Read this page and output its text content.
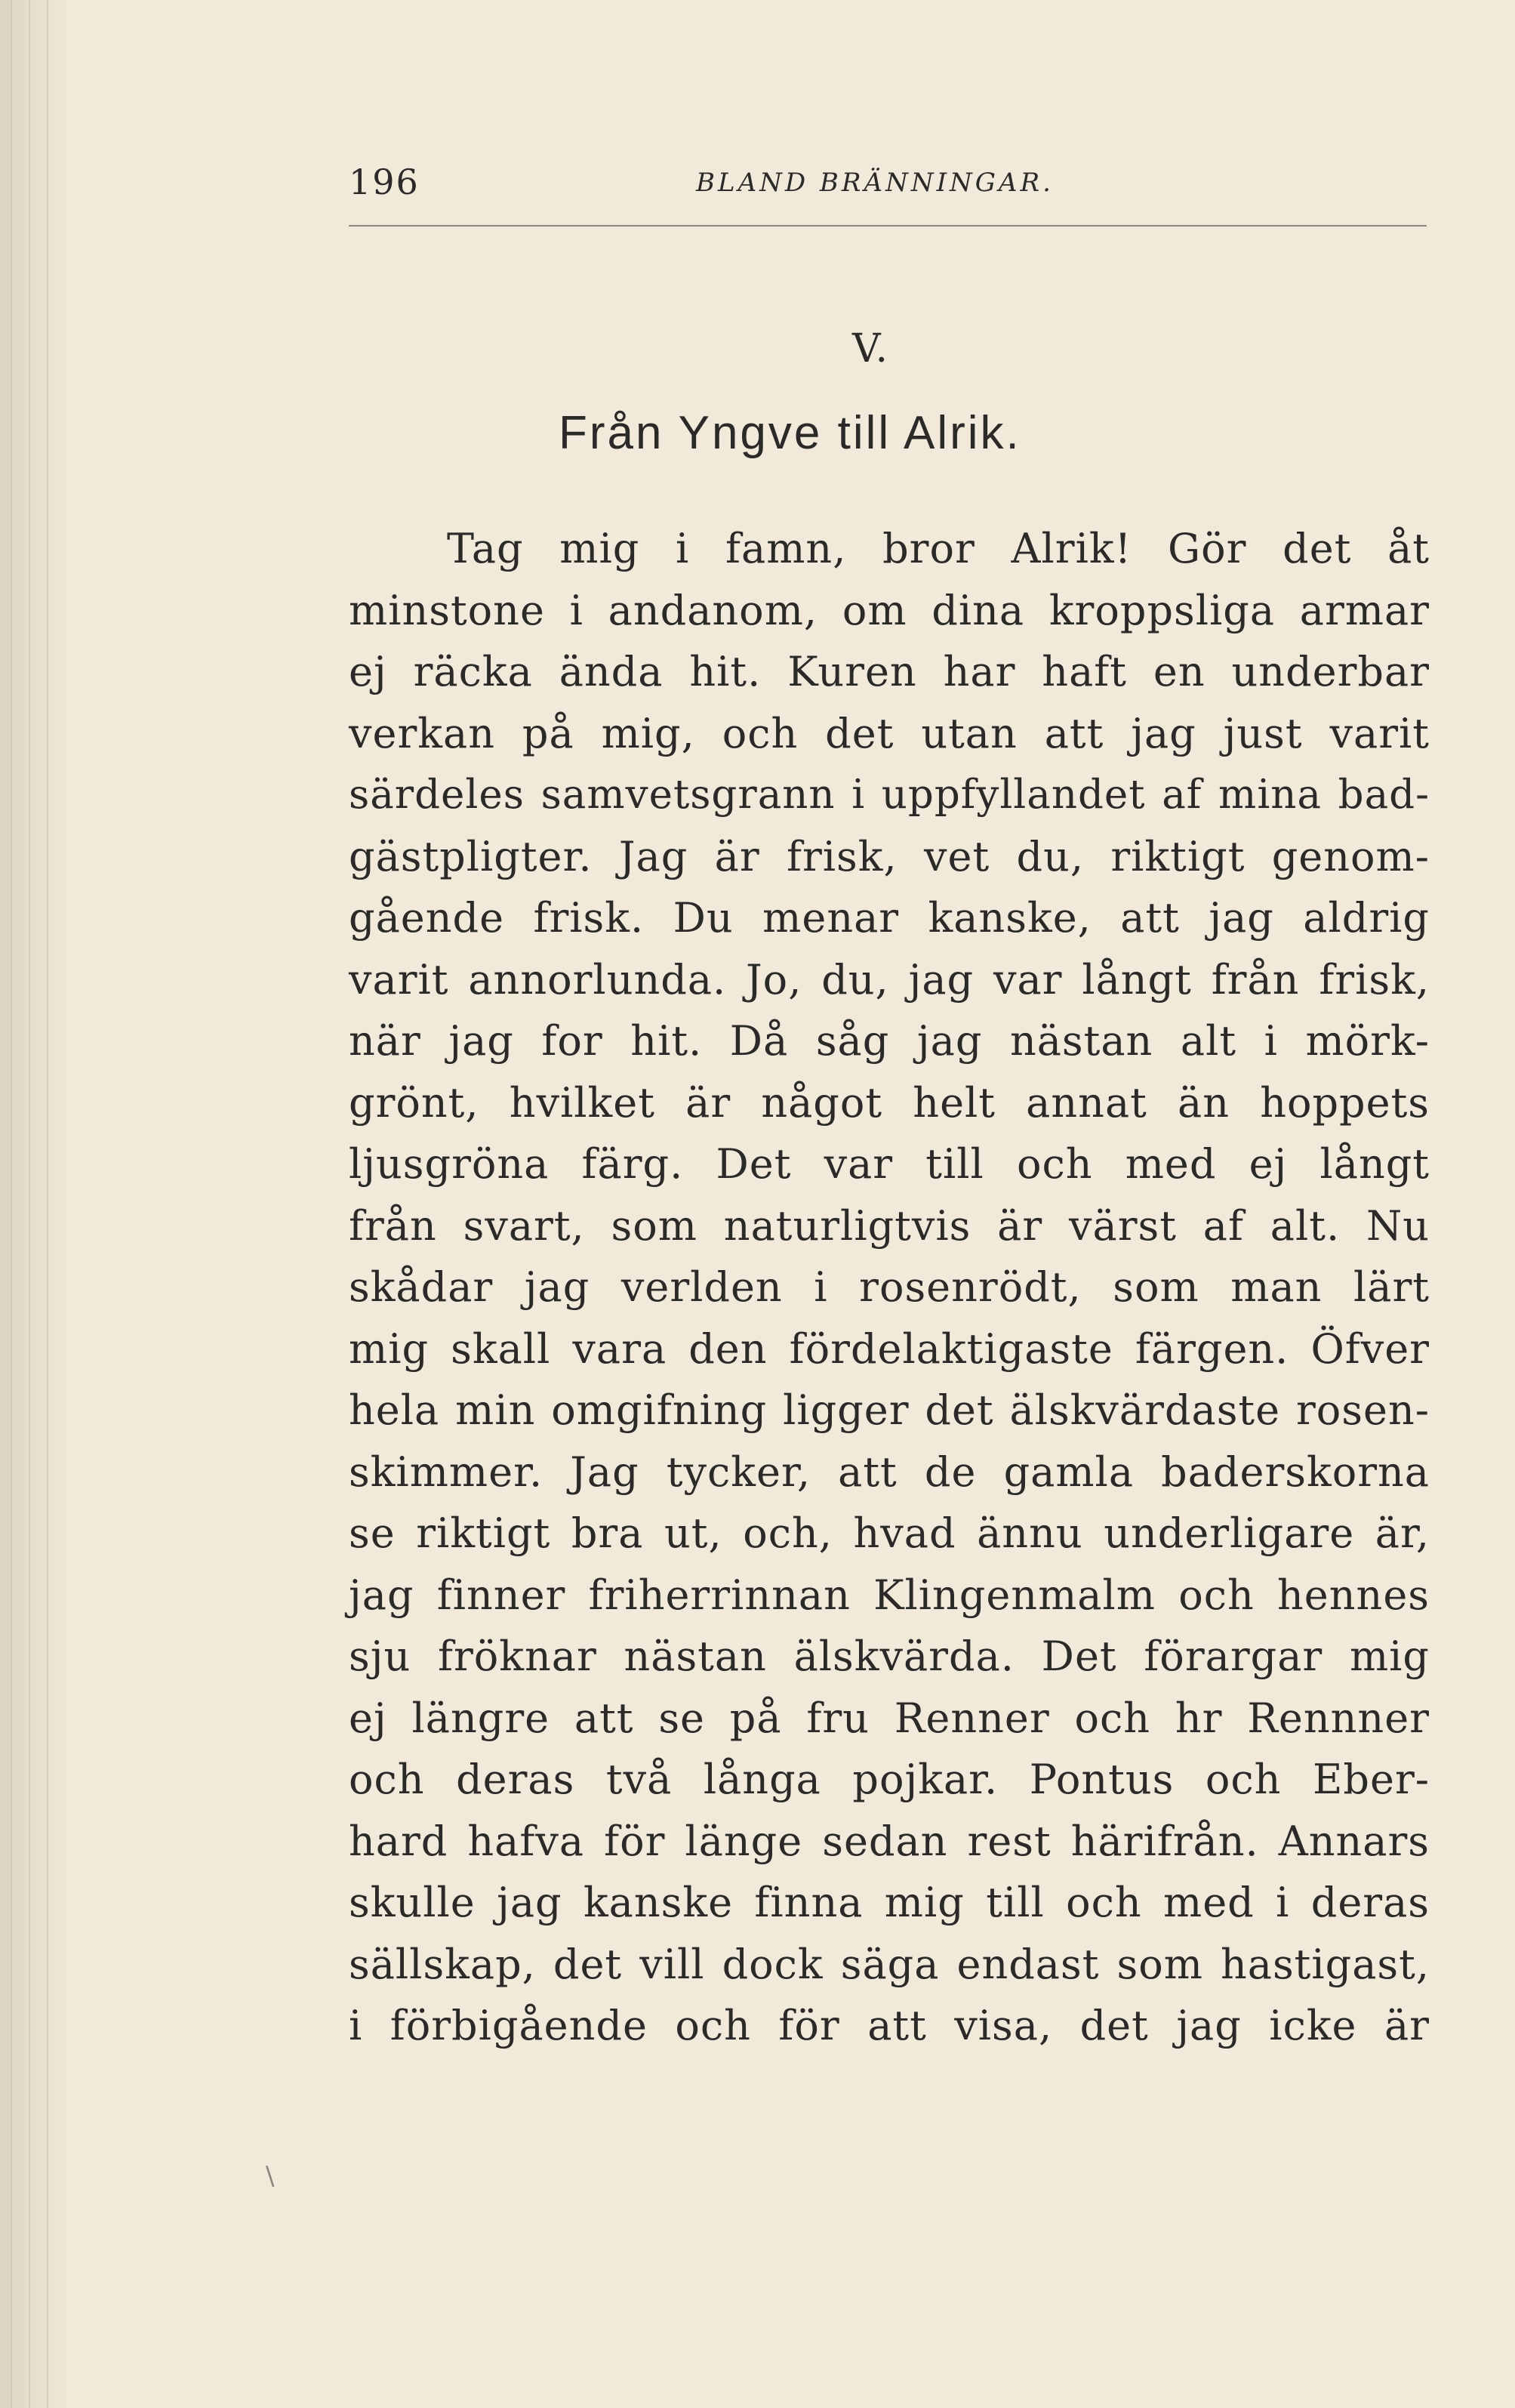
196	BLAND BRÄNNINGAR.
V.
Från Yngve till Alrik.
Tag mig i famn, bror Alrik! Gör det åt
minstone i andanom, om dina kroppsliga armar
ej räcka ända hit. Kuren har haft en underbar
verkan på mig, och det utan att jag just varit
särdeles samvetsgrann i uppfyllandet af mina bad-
gästpligter. Jag är frisk, vet du, riktigt genom-
gående frisk. Du menar kanske, att jag aldrig
varit annorlunda. Jo, du, jag var långt från frisk,
när jag for hit. Då såg jag nästan alt i mörk-
grönt, hvilket är något helt annat än hoppets
ljusgröna färg. Det var till och med ej långt
från svart, som naturligtvis är värst af alt. Nu
skådar jag verlden i rosenrödt, som man lärt
mig skall vara den fördelaktigaste färgen. Öfver
hela min omgifning ligger det älskvärdaste rosen-
skimmer. Jag tycker, att de gamla baderskorna
se riktigt bra ut, och, hvad ännu underligare är,
jag finner friherrinnan Klingenmalm och hennes
sju fröknar nästan älskvärda. Det förargar mig
ej längre att se på fru Renner och hr Rennner
och deras två långa pojkar. Pontus och Eber-
hard hafva för länge sedan rest härifrån. Annars
skulle jag kanske finna mig till och med i deras
sällskap, det vill dock säga endast som hastigast,
i förbigående och för att visa, det jag icke är
\
